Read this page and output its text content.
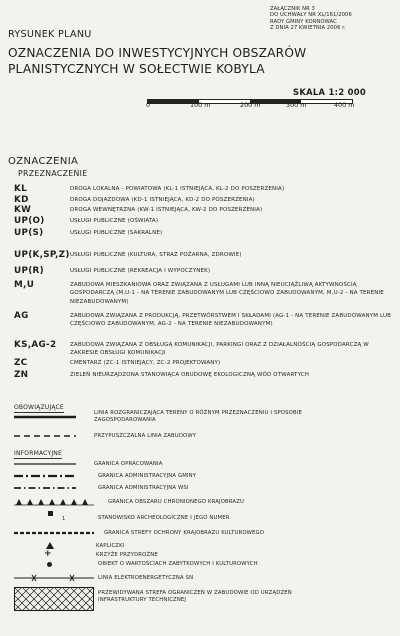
ZAŁĄCZNIK NR 3
DO UCHWAŁY NR XL/161/2006
RADY GMINY KORNOWAC
Z DNIA 27 KWIETNIA 2006 r.
RYSUNEK PLANU
OZNACZENIA DO INWESTYCYJNYCH OBSZARÓW
PLANISTYCZNYCH W SOŁECTWIE KOBYLA
SKALA 1:2 000
0	100 m	200 m	300 m	400 m
OZNACZENIA
PRZEZNACZENIE
KL	DROGA LOKALNA - POWIATOWA (KL-1 ISTNIEJĄCA, KL-2 DO POSZERZENIA)
KD	DROGA DOJAZDOWA (KD-1 ISTNIEJĄCA, KD-2 DO POSZERZENIA)
KW	DROGA WEWNĘTRZNA (KW-1 ISTNIEJĄCA, KW-2 DO POSZERZENIA)
UP(O)	USŁUGI PUBLICZNE (OŚWIATA)
UP(S)	USŁUGI PUBLICZNE (SAKRALNE)
UP(K,SP,Z) USŁUGI PUBLICZNE (KULTURA, STRAŻ POŻARNA, ZDROWIE)
UP(R)	USŁUGI PUBLICZNE (REKREACJA I WYPOCZYNEK)
M,U	ZABUDOWA MIESZKANIOWA ORAZ ZWIĄZANA Z USŁUGAMI LUB INNĄ NIEUCIĄŻLIWĄ AKTYWNOŚCIĄ GOSPODARCZĄ (M,U-1 - NA TERENIE ZABUDOWANYM LUB CZĘŚCIOWO ZABUDOWANYM, M,U-2 - NA TERENIE NIEZABUDOWANYM)
AG	ZABUDOWA ZWIĄZANA Z PRODUKCJĄ, PRZETWÓRSTWEM I SKŁADAMI (AG-1 - NA TERENIE ZABUDOWANYM LUB CZĘŚCIOWO ZABUDOWANYM, AG-2 - NA TERENIE NIEZABUDOWANYM)
KS,AG-2	ZABUDOWA ZWIĄZANA Z OBSŁUGĄ KOMUNIKACJI, PARKINGI ORAZ Z DZIAŁALNOŚCIĄ GOSPODARCZĄ W ZAKRESIE OBSŁUGI KOMUNIKACJI
ZC	CMENTARZ (ZC-1 ISTNIEJĄCY, ZC-2 PROJEKTOWANY)
ZN	ZIELEŃ NIEURZĄDZONA STANOWIĄCA OBUDOWĘ EKOLOGICZNĄ WÓD OTWARTYCH
OBOWIĄZUJĄCE
LINIA ROZGRANICZAJĄCA TERENY O RÓŻNYM PRZEZNACZENIU I SPOSOBIE ZAGOSPODAROWANIA
PRZYPUSZCZALNA LINIA ZABUDOWY
INFORMACYJNE
GRANICA OPRACOWANIA
GRANICA ADMINISTRACYJNA GMINY
GRANICA ADMINISTRACYJNA WSI
GRANICA OBSZARU CHRONIONEGO KRAJOBRAZU
1	STANOWISKO ARCHEOLOGICZNE I JEGO NUMER
GRANICA STREFY OCHRONY KRAJOBRAZU KULTUROWEGO
KAPLICZKI
+	KRZYŻE PRZYDROŻNE
OBIEKT O WARTOŚCIACH ZABYTKOWYCH I KULTUROWYCH
LINIA ELEKTROENERGETYCZNA SN
PRZEWIDYWANA STREFA OGRANICZEŃ W ZABUDOWIE OD URZĄDZEŃ INFRASTRUKTURY TECHNICZNEJ
